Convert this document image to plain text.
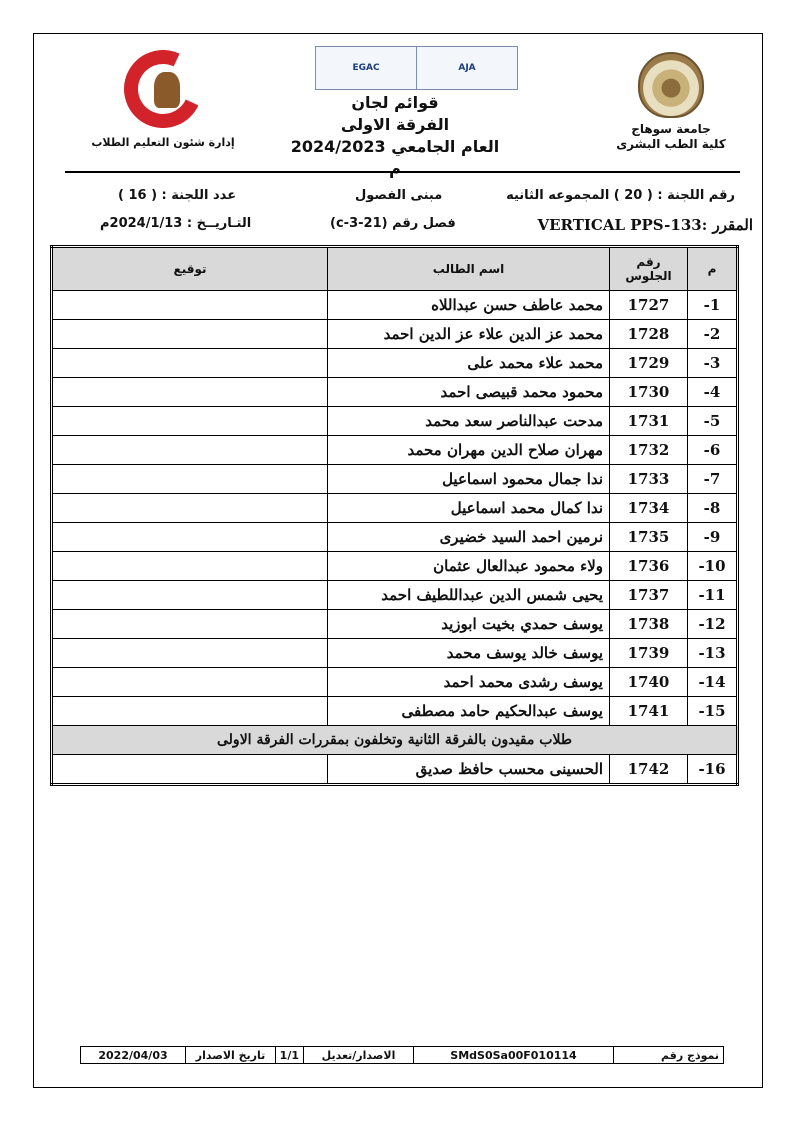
جامعة سوهاج
كلية الطب البشرى
إدارة شئون التعليم الطلاب
EGAC	AJA
قوائم لجان
الفرقة الاولى
العام الجامعي 2024/2023 م
رقم اللجنة : ( 20 ) المجموعه الثانيه
مبنى الفصول
عدد اللجنة : ( 16 )
المقرر :VERTICAL PPS-133
فصل رقم (21-3-c)
التـاريــخ : 2024/1/13م
م	رقم الجلوس	اسم الطالب	توقيع
-1	1727	محمد عاطف حسن عبداللاه	
-2	1728	محمد عز الدين علاء عز الدين احمد	
-3	1729	محمد علاء محمد على	
-4	1730	محمود محمد قبيصى احمد	
-5	1731	مدحت عبدالناصر سعد محمد	
-6	1732	مهران صلاح الدين مهران محمد	
-7	1733	ندا جمال محمود اسماعيل	
-8	1734	ندا كمال محمد اسماعيل	
-9	1735	نرمين احمد السيد خضيرى	
-10	1736	ولاء محمود عبدالعال عثمان	
-11	1737	يحيى شمس الدين عبداللطيف احمد	
-12	1738	يوسف حمدي بخيت ابوزيد	
-13	1739	يوسف خالد يوسف محمد	
-14	1740	يوسف رشدى محمد احمد	
-15	1741	يوسف عبدالحكيم حامد مصطفى	
طلاب مقيدون بالفرقة الثانية وتخلفون بمقررات الفرقة الاولى			
-16	1742	الحسينى محسب حافظ صديق	
نموذج رقم	SMdS0Sa00F010114	الاصدار/تعديل	1/1	تاريخ الاصدار	2022/04/03
